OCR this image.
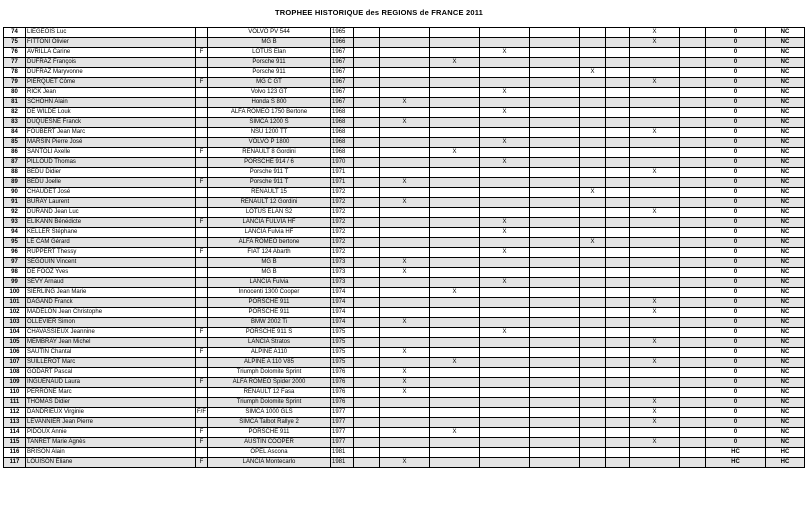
TROPHEE HISTORIQUE des REGIONS de FRANCE 2011
74	LIEGEOIS Luc		VOLVO PV 544	1965								X		0	NC
75	FITTONI Olivier		MG B	1966								X		0	NC
76	AVRILLA Carine	F	LOTUS Elan	1967				X						0	NC
77	DUFRAZ François		Porsche 911	1967			X							0	NC
78	DUFRAZ Maryvonne		Porsche 911	1967						X				0	NC
79	PIERQUET Côme	F	MG C GT	1967								X		0	NC
80	RICK Jean		Volvo 123 GT	1967				X						0	NC
81	SCHOHN Alain		Honda S 800	1967		X								0	NC
82	DE WILDE Louk		ALFA ROMEO 1750 Bertone	1968				X						0	NC
83	DUQUESNE Franck		SIMCA 1200 S	1968		X								0	NC
84	FOUBERT Jean Marc		NSU 1200 TT	1968								X		0	NC
85	MARSIN Pierre José		VOLVO P 1800	1968				X						0	NC
86	SANTOLI Axelle	F	RENAULT 8 Gordini	1968			X							0	NC
87	PILLOUD Thomas		PORSCHE 914 / 6	1970				X						0	NC
88	BEDU Didier		Porsche 911 T	1971								X		0	NC
89	BEDU Joelle	F	Porsche 911 T	1971		X								0	NC
90	CHAUDET José		RENAULT 15	1972						X				0	NC
91	BURAY Laurent		RENAULT 12 Gordini	1972		X								0	NC
92	DURAND Jean Luc		LOTUS ELAN S2	1972								X		0	NC
93	ELIKANN Bénédicte	F	LANCIA FULVIA HF	1972				X						0	NC
94	KELLER Stéphane		LANCIA Fulvia HF	1972				X						0	NC
95	LE CAM Gérard		ALFA ROMEO bertone	1972						X				0	NC
96	RUPPERT Thessy	F	FIAT 124 Abarth	1972				X						0	NC
97	SEGOUIN Vincent		MG B	1973		X								0	NC
98	DE FOOZ Yves		MG B	1973		X								0	NC
99	SEVY Arnaud		LANCIA Fulvia	1973				X						0	NC
100	SIERLING Jean Marie		Innocenti 1300 Cooper	1974			X							0	NC
101	DAGAND Franck		PORSCHE 911	1974								X		0	NC
102	MADELON Jean Christophe		PORSCHE 911	1974								X		0	NC
103	OLLEVIER Simon		BMW 2002 Ti	1974		X								0	NC
104	CHAVASSIEUX Jeannine	F	PORSCHE 911 S	1975				X						0	NC
105	MEMBRAY Jean Michel		LANCIA Stratos	1975								X		0	NC
106	SAUTIN Chantal	F	ALPINE A110	1975		X								0	NC
107	SUILLEROT Marc		ALPINE A 110 V85	1975			X					X		0	NC
108	GODART Pascal		Triumph Dolomite Sprint	1976		X								0	NC
109	INGUENAUD Laura	F	ALFA ROMEO Spider 2000	1976		X								0	NC
110	PERRONE Marc		RENAULT 12 Fasa	1976		X								0	NC
111	THOMAS Didier		Triumph Dolomite Sprint	1976								X		0	NC
112	DANDRIEUX Virginie	F/F	SIMCA 1000 GLS	1977								X		0	NC
113	LEVANNIER Jean Pierre		SIMCA Talbot Rallye 2	1977								X		0	NC
114	PIDOUX Annie	F	PORSCHE 911	1977			X							0	NC
115	TANRET Marie Agnès	F	AUSTIN COOPER	1977								X		0	NC
116	BRISON Alain		OPEL Ascona	1981										HC	HC
117	LOUISON Eliane	F	LANCIA Montecarlo	1981		X								HC	HC
